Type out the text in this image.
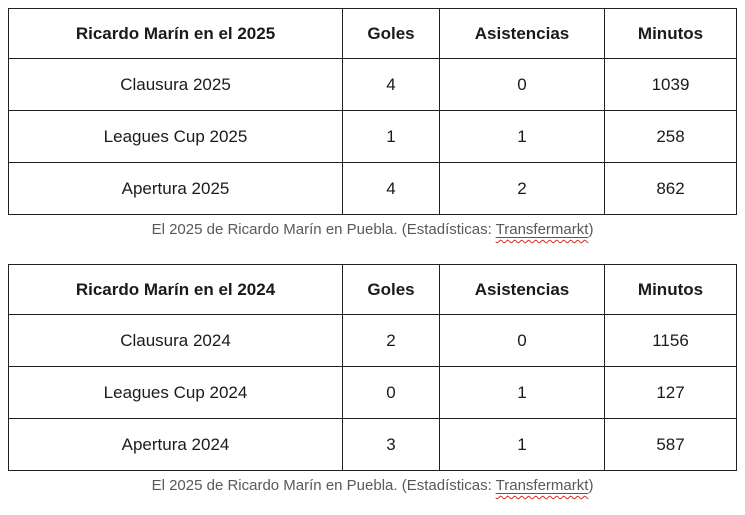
Ricardo Marín en el 2025	Goles	Asistencias	Minutos
Clausura 2025	4	0	1039
Leagues Cup 2025	1	1	258
Apertura 2025	4	2	862
El 2025 de Ricardo Marín en Puebla. (Estadísticas: Transfermarkt)
Ricardo Marín en el 2024	Goles	Asistencias	Minutos
Clausura 2024	2	0	1156
Leagues Cup 2024	0	1	127
Apertura 2024	3	1	587
El 2025 de Ricardo Marín en Puebla. (Estadísticas: Transfermarkt)
